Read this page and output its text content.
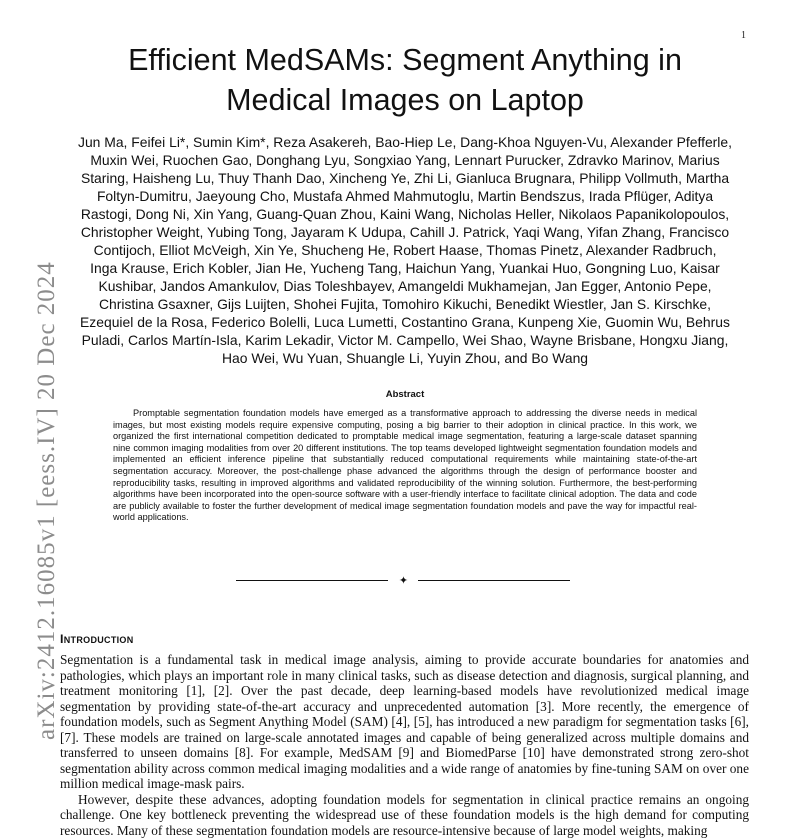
1
arXiv:2412.16085v1 [eess.IV] 20 Dec 2024
Efficient MedSAMs: Segment Anything in
Medical Images on Laptop
Jun Ma, Feifei Li*, Sumin Kim*, Reza Asakereh, Bao-Hiep Le, Dang-Khoa Nguyen-Vu, Alexander Pfefferle,
Muxin Wei, Ruochen Gao, Donghang Lyu, Songxiao Yang, Lennart Purucker, Zdravko Marinov, Marius
Staring, Haisheng Lu, Thuy Thanh Dao, Xincheng Ye, Zhi Li, Gianluca Brugnara, Philipp Vollmuth, Martha
Foltyn-Dumitru, Jaeyoung Cho, Mustafa Ahmed Mahmutoglu, Martin Bendszus, Irada Pflüger, Aditya
Rastogi, Dong Ni, Xin Yang, Guang-Quan Zhou, Kaini Wang, Nicholas Heller, Nikolaos Papanikolopoulos,
Christopher Weight, Yubing Tong, Jayaram K Udupa, Cahill J. Patrick, Yaqi Wang, Yifan Zhang, Francisco
Contijoch, Elliot McVeigh, Xin Ye, Shucheng He, Robert Haase, Thomas Pinetz, Alexander Radbruch,
Inga Krause, Erich Kobler, Jian He, Yucheng Tang, Haichun Yang, Yuankai Huo, Gongning Luo, Kaisar
Kushibar, Jandos Amankulov, Dias Toleshbayev, Amangeldi Mukhamejan, Jan Egger, Antonio Pepe,
Christina Gsaxner, Gijs Luijten, Shohei Fujita, Tomohiro Kikuchi, Benedikt Wiestler, Jan S. Kirschke,
Ezequiel de la Rosa, Federico Bolelli, Luca Lumetti, Costantino Grana, Kunpeng Xie, Guomin Wu, Behrus
Puladi, Carlos Martín-Isla, Karim Lekadir, Victor M. Campello, Wei Shao, Wayne Brisbane, Hongxu Jiang,
Hao Wei, Wu Yuan, Shuangle Li, Yuyin Zhou, and Bo Wang
Abstract

Promptable segmentation foundation models have emerged as a transformative approach to addressing the diverse needs in medical images, but most existing models require expensive computing, posing a big barrier to their adoption in clinical practice. In this work, we organized the first international competition dedicated to promptable medical image segmentation, featuring a large-scale dataset spanning nine common imaging modalities from over 20 different institutions. The top teams developed lightweight segmentation foundation models and implemented an efficient inference pipeline that substantially reduced computational requirements while maintaining state-of-the-art segmentation accuracy. Moreover, the post-challenge phase advanced the algorithms through the design of performance booster and reproducibility tasks, resulting in improved algorithms and validated reproducibility of the winning solution. Furthermore, the best-performing algorithms have been incorporated into the open-source software with a user-friendly interface to facilitate clinical adoption. The data and code are publicly available to foster the further development of medical image segmentation foundation models and pave the way for impactful real-world applications.

✦
Introduction

Segmentation is a fundamental task in medical image analysis, aiming to provide accurate boundaries for anatomies and pathologies, which plays an important role in many clinical tasks, such as disease detection and diagnosis, surgical planning, and treatment monitoring [1], [2]. Over the past decade, deep learning-based models have revolutionized medical image segmentation by providing state-of-the-art accuracy and unprecedented automation [3]. More recently, the emergence of foundation models, such as Segment Anything Model (SAM) [4], [5], has introduced a new paradigm for segmentation tasks [6], [7]. These models are trained on large-scale annotated images and capable of being generalized across multiple domains and transferred to unseen domains [8]. For example, MedSAM [9] and BiomedParse [10] have demonstrated strong zero-shot segmentation ability across common medical imaging modalities and a wide range of anatomies by fine-tuning SAM on over one million medical image-mask pairs.

However, despite these advances, adopting foundation models for segmentation in clinical practice remains an ongoing challenge. One key bottleneck preventing the widespread use of these foundation models is the high demand for computing resources. Many of these segmentation foundation models are resource-intensive because of large model weights, making
